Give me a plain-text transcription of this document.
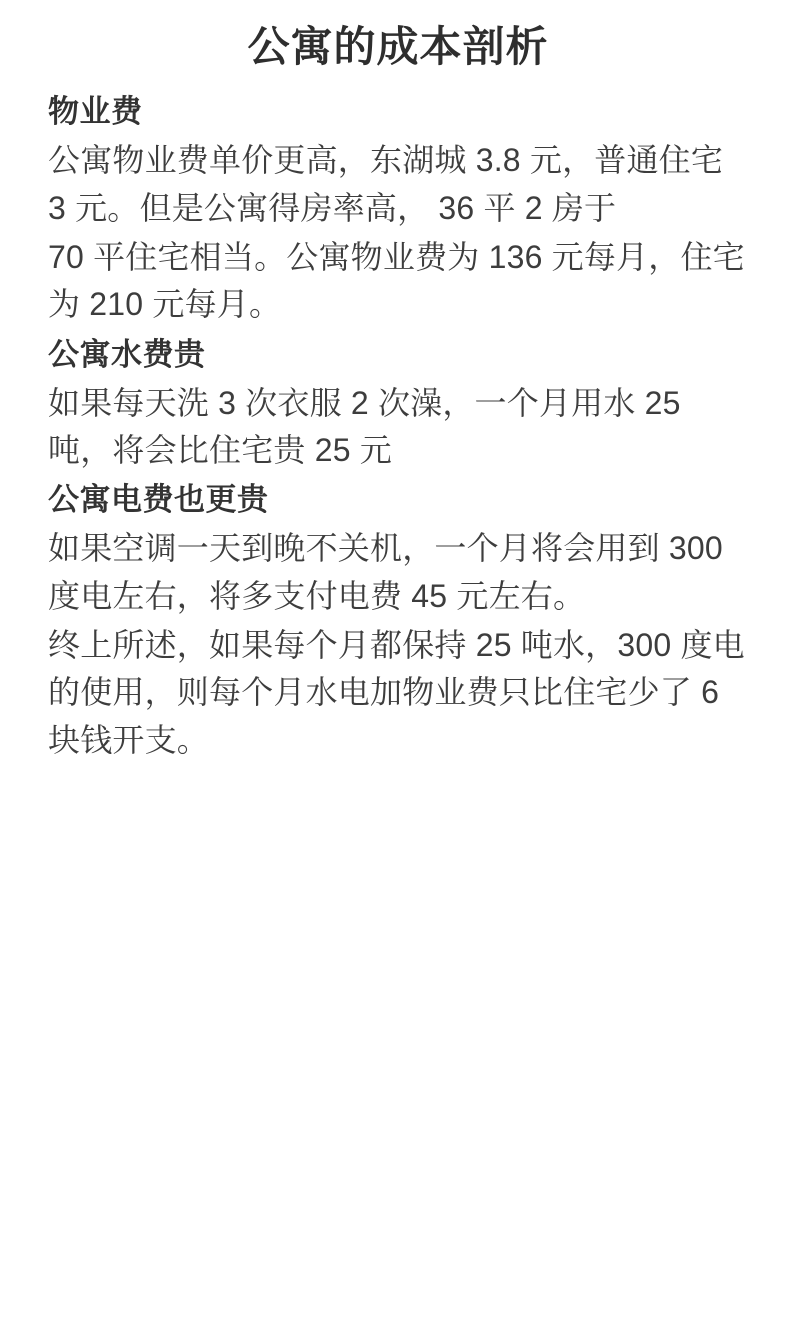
公寓的成本剖析
物业费

公寓物业费单价更高，东湖城 3.8 元，普通住宅 3 元。但是公寓得房率高， 36 平 2 房于

70 平住宅相当。公寓物业费为 136 元每月，住宅为 210 元每月。

公寓水费贵

如果每天洗 3 次衣服 2 次澡，一个月用水 25 吨，将会比住宅贵 25 元

公寓电费也更贵

如果空调一天到晚不关机，一个月将会用到 300 度电左右，将多支付电费 45 元左右。

终上所述，如果每个月都保持 25 吨水，300 度电的使用，则每个月水电加物业费只比住宅少了 6 块钱开支。
